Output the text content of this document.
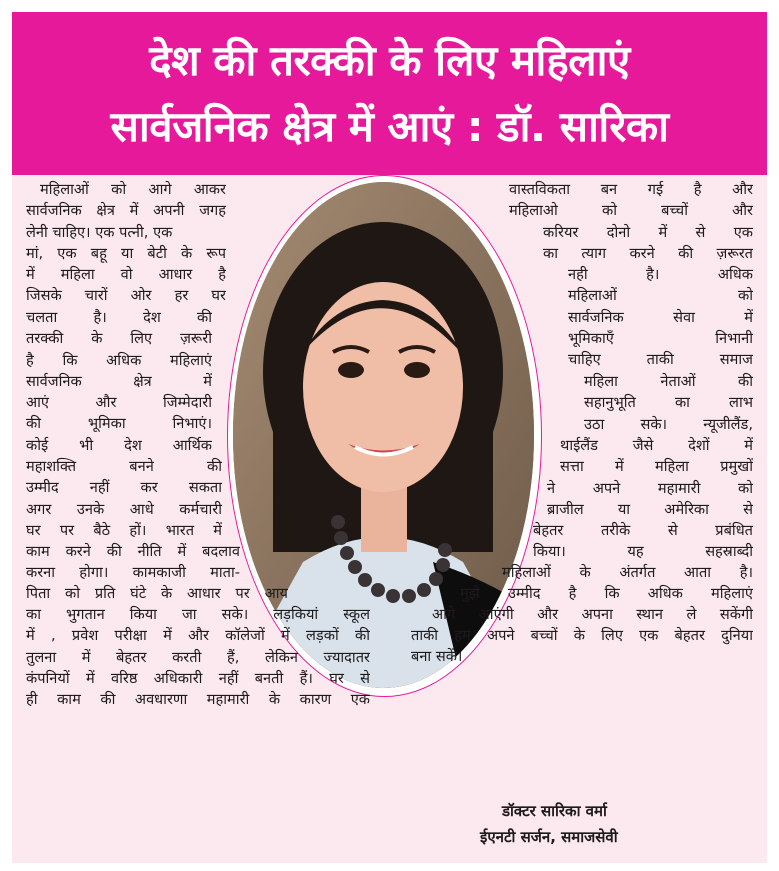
देश की तरक्की के लिए महिलाएं
सार्वजनिक क्षेत्र में आएं : डॉ. सारिका
महिलाओं को आगे आकर
सार्वजनिक क्षेत्र में अपनी जगह
लेनी चाहिए। एक पत्नी, एक
मां, एक बहू या बेटी के रूप
में महिला वो आधार है
जिसके चारों ओर हर घर
चलता है। देश की
तरक्की के लिए ज़रूरी
है कि अधिक महिलाएं
सार्वजनिक क्षेत्र में
आएं और जिम्मेदारी
की भूमिका निभाएं।
कोई भी देश आर्थिक
महाशक्ति बनने की
उम्मीद नहीं कर सकता
अगर उनके आधे कर्मचारी
घर पर बैठे हों। भारत में
काम करने की नीति में बदलाव
करना होगा। कामकाजी माता-
पिता को प्रति घंटे के आधार पर आय
का भुगतान किया जा सके। लड़कियां स्कूल
में , प्रवेश परीक्षा में और कॉलेजों में लड़कों की
तुलना में बेहतर करती हैं, लेकिन ज्यादातर
कंपनियों में वरिष्ठ अधिकारी नहीं बनती हैं। घर से
ही काम की अवधारणा महामारी के कारण एक
वास्तविकता बन गई है और
महिलाओ को बच्चों और
करियर दोनो में से एक
का त्याग करने की ज़रूरत
नही है। अधिक
महिलाओं को
सार्वजनिक सेवा में
भूमिकाएँ निभानी
चाहिए ताकी समाज
महिला नेताओं की
सहानुभूति का लाभ
उठा सके। न्यूजीलैंड,
थाईलैंड जैसे देशों में
सत्ता में महिला प्रमुखों
ने अपने महामारी को
ब्राजील या अमेरिका से
बेहतर तरीके से प्रबंधित
किया। यह सहस्राब्दी
महिलाओं के अंतर्गत आता है।
मुझे उम्मीद है कि अधिक महिलाएं
आगे आएंगी और अपना स्थान ले सकेंगी
ताकी हम अपने बच्चों के लिए एक बेहतर दुनिया
बना सकें।
डॉक्टर सारिका वर्मा
ईएनटी सर्जन, समाजसेवी
